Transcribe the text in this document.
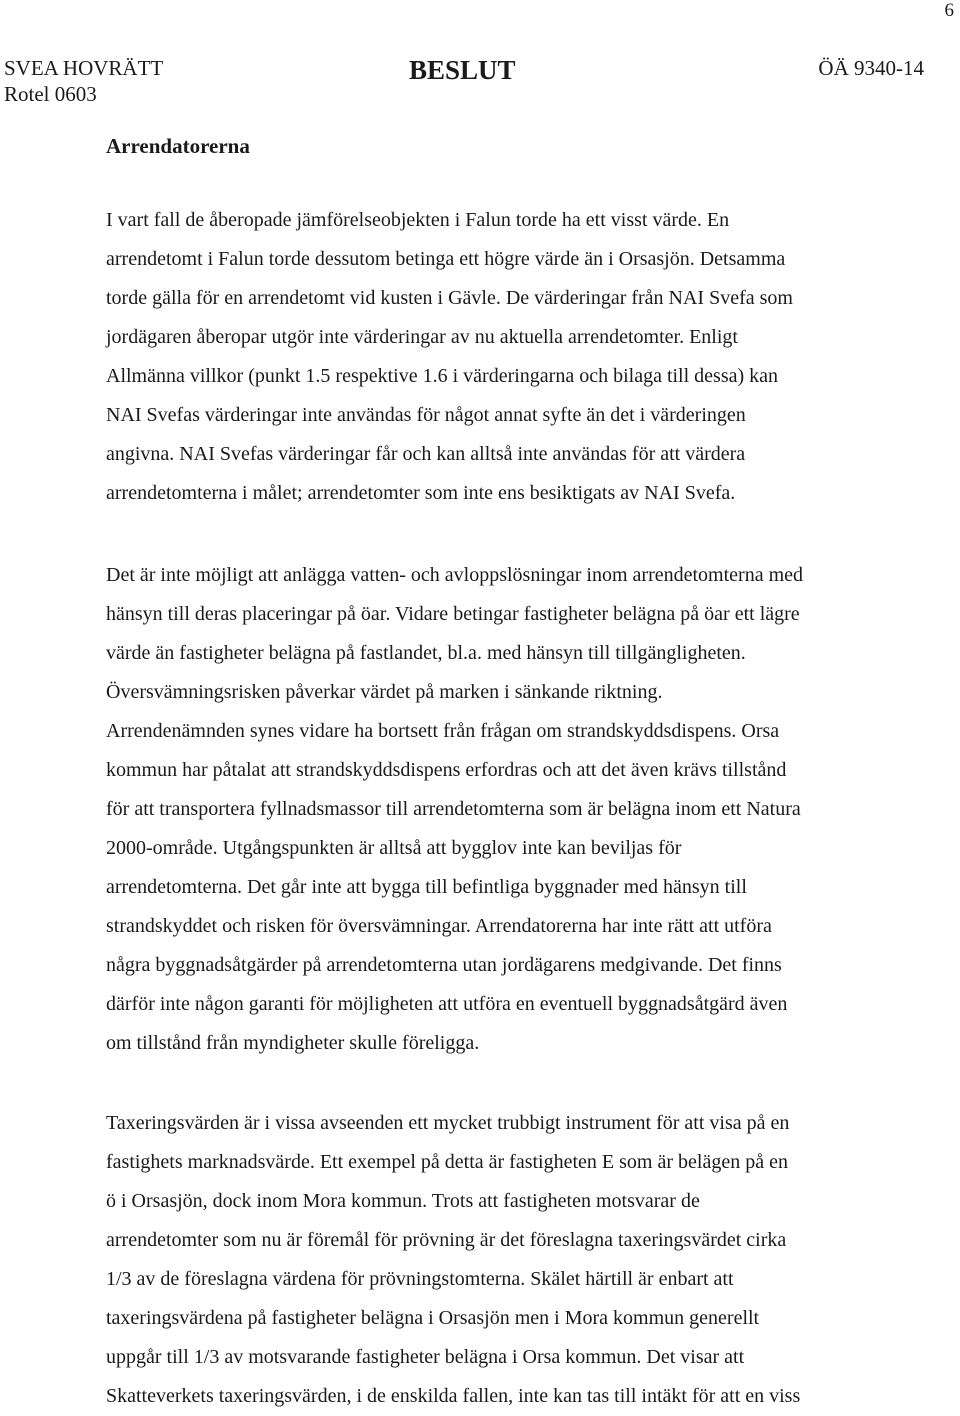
6
SVEA HOVRÄTT
Rotel 0603
BESLUT	ÖÄ 9340-14
Arrendatorerna
I vart fall de åberopade jämförelseobjekten i Falun torde ha ett visst värde. En
arrendetomt i Falun torde dessutom betinga ett högre värde än i Orsasjön. Detsamma
torde gälla för en arrendetomt vid kusten i Gävle. De värderingar från NAI Svefa som
jordägaren åberopar utgör inte värderingar av nu aktuella arrendetomter. Enligt
Allmänna villkor (punkt 1.5 respektive 1.6 i värderingarna och bilaga till dessa) kan
NAI Svefas värderingar inte användas för något annat syfte än det i värderingen
angivna. NAI Svefas värderingar får och kan alltså inte användas för att värdera
arrendetomterna i målet; arrendetomter som inte ens besiktigats av NAI Svefa.
Det är inte möjligt att anlägga vatten- och avloppslösningar inom arrendetomterna med
hänsyn till deras placeringar på öar. Vidare betingar fastigheter belägna på öar ett lägre
värde än fastigheter belägna på fastlandet, bl.a. med hänsyn till tillgängligheten.
Översvämningsrisken påverkar värdet på marken i sänkande riktning.
Arrendenämnden synes vidare ha bortsett från frågan om strandskyddsdispens. Orsa
kommun har påtalat att strandskyddsdispens erfordras och att det även krävs tillstånd
för att transportera fyllnadsmassor till arrendetomterna som är belägna inom ett Natura
2000-område. Utgångspunkten är alltså att bygglov inte kan beviljas för
arrendetomterna. Det går inte att bygga till befintliga byggnader med hänsyn till
strandskyddet och risken för översvämningar. Arrendatorerna har inte rätt att utföra
några byggnadsåtgärder på arrendetomterna utan jordägarens medgivande. Det finns
därför inte någon garanti för möjligheten att utföra en eventuell byggnadsåtgärd även
om tillstånd från myndigheter skulle föreligga.
Taxeringsvärden är i vissa avseenden ett mycket trubbigt instrument för att visa på en
fastighets marknadsvärde. Ett exempel på detta är fastigheten E som är belägen på en
ö i Orsasjön, dock inom Mora kommun. Trots att fastigheten motsvarar de
arrendetomter som nu är föremål för prövning är det föreslagna taxeringsvärdet cirka
1/3 av de föreslagna värdena för prövningstomterna. Skälet härtill är enbart att
taxeringsvärdena på fastigheter belägna i Orsasjön men i Mora kommun generellt
uppgår till 1/3 av motsvarande fastigheter belägna i Orsa kommun. Det visar att
Skatteverkets taxeringsvärden, i de enskilda fallen, inte kan tas till intäkt för att en viss
